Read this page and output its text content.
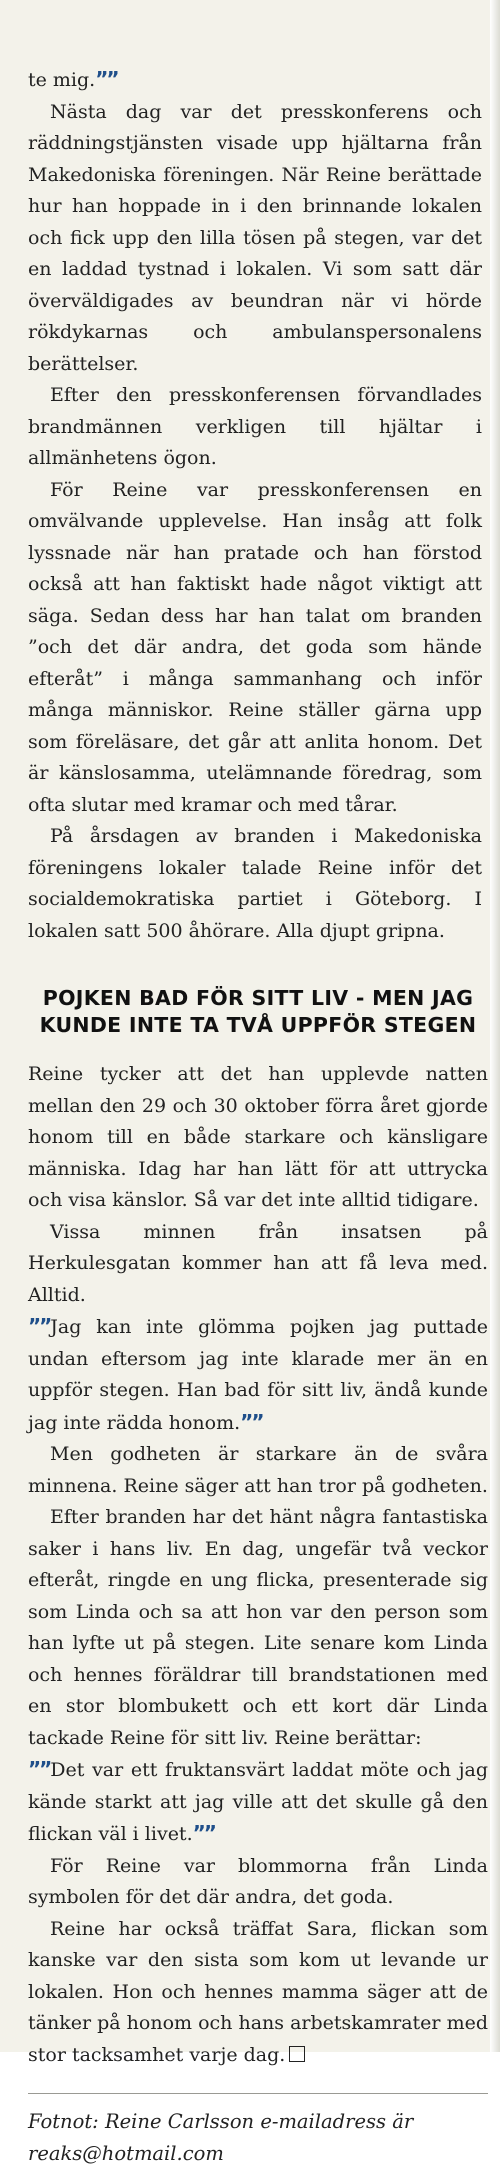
te mig.””

Nästa dag var det presskonferens och räddningstjänsten visade upp hjältarna från Makedoniska föreningen. När Reine berättade hur han hoppade in i den brinnande lokalen och fick upp den lilla tösen på stegen, var det en laddad tystnad i lokalen. Vi som satt där överväldigades av beundran när vi hörde rökdykarnas och ambulanspersonalens berättelser.

Efter den presskonferensen förvandlades brandmännen verkligen till hjältar i allmänhetens ögon.

För Reine var presskonferensen en omvälvande upplevelse. Han insåg att folk lyssnade när han pratade och han förstod också att han faktiskt hade något viktigt att säga. Sedan dess har han talat om branden ”och det där andra, det goda som hände efteråt” i många sammanhang och inför många människor. Reine ställer gärna upp som föreläsare, det går att anlita honom. Det är känslosamma, utelämnande föredrag, som ofta slutar med kramar och med tårar.

På årsdagen av branden i Makedoniska föreningens lokaler talade Reine inför det socialdemokratiska partiet i Göteborg. I lokalen satt 500 åhörare. Alla djupt gripna.

POJKEN BAD FÖR SITT LIV - MEN JAG KUNDE INTE TA TVÅ UPPFÖR STEGEN

Reine tycker att det han upplevde natten mellan den 29 och 30 oktober förra året gjorde honom till en både starkare och känsligare människa. Idag har han lätt för att uttrycka och visa känslor. Så var det inte alltid tidigare.

Vissa minnen från insatsen på Herkulesgatan kommer han att få leva med. Alltid.

””Jag kan inte glömma pojken jag puttade undan eftersom jag inte klarade mer än en uppför stegen. Han bad för sitt liv, ändå kunde jag inte rädda honom.””

Men godheten är starkare än de svåra minnena. Reine säger att han tror på godheten.

Efter branden har det hänt några fantastiska saker i hans liv. En dag, ungefär två veckor efteråt, ringde en ung flicka, presenterade sig som Linda och sa att hon var den person som han lyfte ut på stegen. Lite senare kom Linda och hennes föräldrar till brandstationen med en stor blombukett och ett kort där Linda tackade Reine för sitt liv. Reine berättar:

””Det var ett fruktansvärt laddat möte och jag kände starkt att jag ville att det skulle gå den flickan väl i livet.””

För Reine var blommorna från Linda symbolen för det där andra, det goda.

Reine har också träffat Sara, flickan som kanske var den sista som kom ut levande ur lokalen. Hon och hennes mamma säger att de tänker på honom och hans arbetskamrater med stor tacksamhet varje dag.

Fotnot: Reine Carlsson e-mailadress är reaks@hotmail.com
